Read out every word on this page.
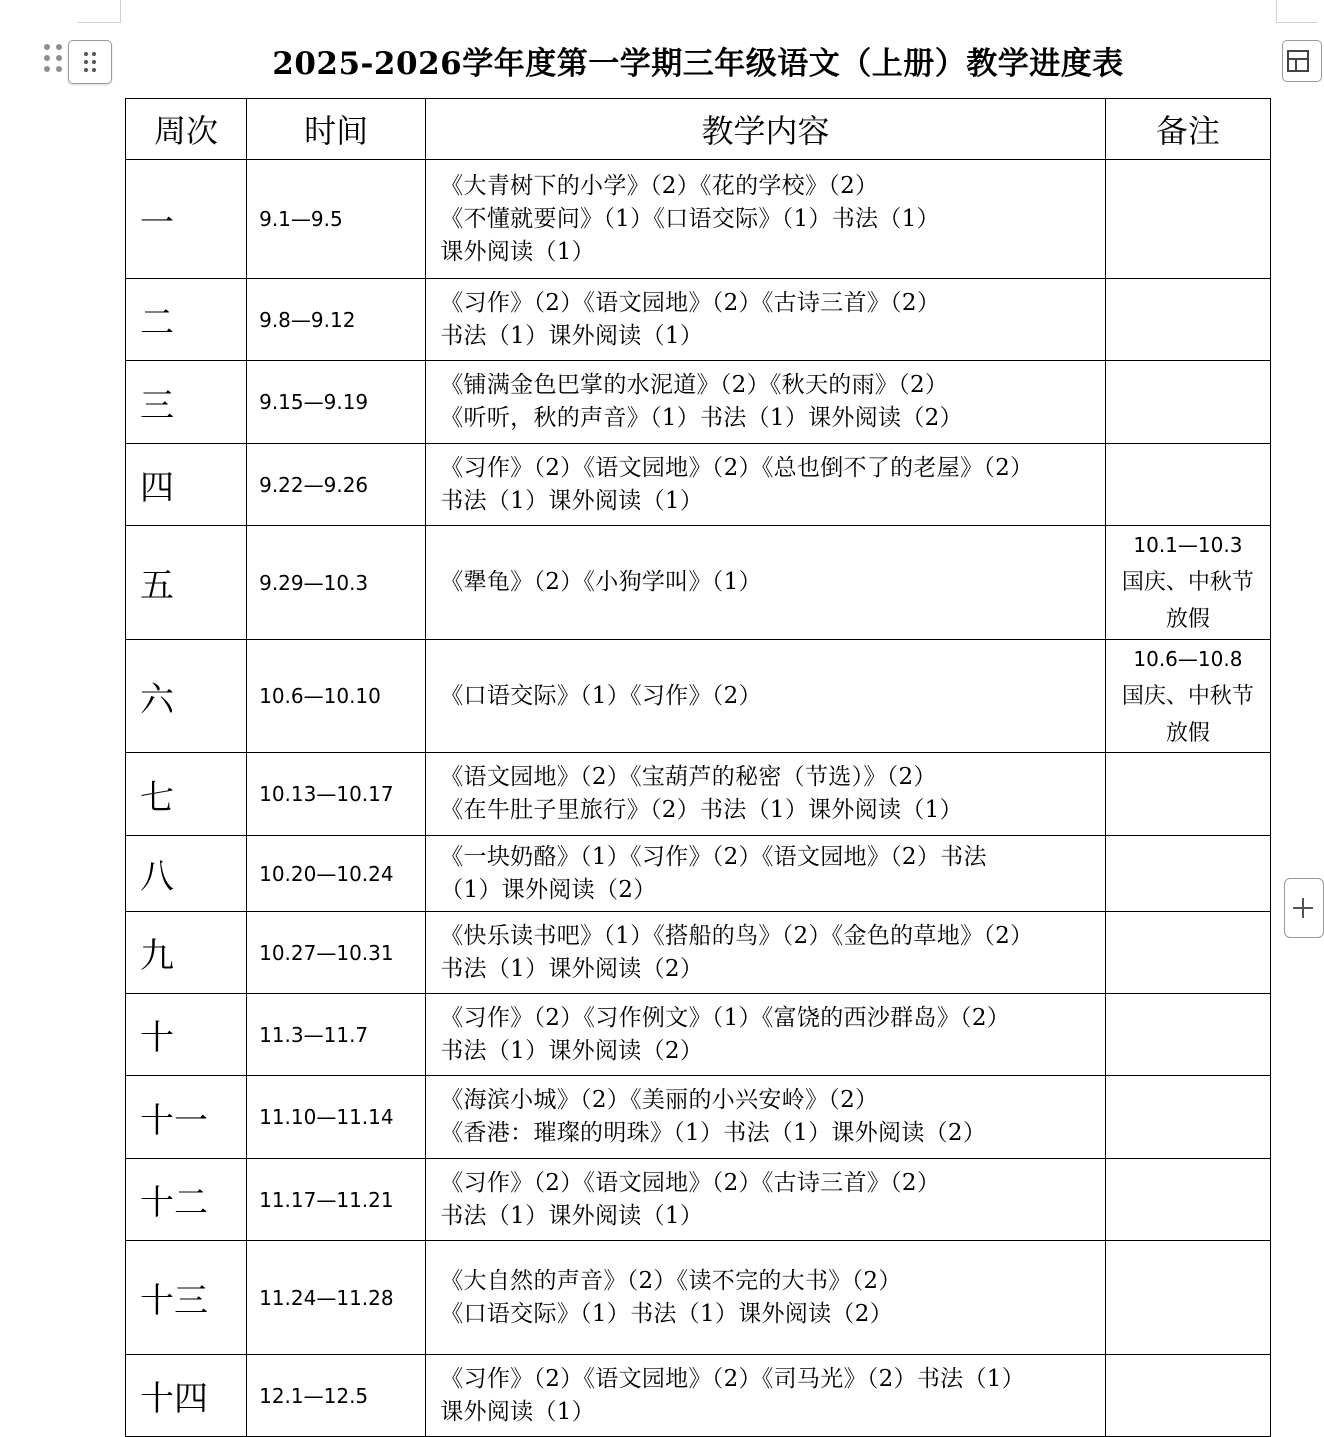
2025-2026学年度第一学期三年级语文（上册）教学进度表
周次	时间	教学内容	备注
一	9.1—9.5	《大青树下的小学》（2）《花的学校》（2）
《不懂就要问》（1）《口语交际》（1）书法（1）
课外阅读（1）	

二	9.8—9.12	《习作》（2）《语文园地》（2）《古诗三首》（2）
书法（1）课外阅读（1）	

三	9.15—9.19	《铺满金色巴掌的水泥道》（2）《秋天的雨》（2）
《听听，秋的声音》（1）书法（1）课外阅读（2）	

四	9.22—9.26	《习作》（2）《语文园地》（2）《总也倒不了的老屋》（2）
书法（1）课外阅读（1）	

五	9.29—10.3	《犟龟》（2）《小狗学叫》（1）	10.1—10.3
国庆、中秋节
放假

六	10.6—10.10	《口语交际》（1）《习作》（2）	10.6—10.8
国庆、中秋节
放假

七	10.13—10.17	《语文园地》（2）《宝葫芦的秘密（节选）》（2）
《在牛肚子里旅行》（2）书法（1）课外阅读（1）	

八	10.20—10.24	《一块奶酪》（1）《习作》（2）《语文园地》（2）书法
（1）课外阅读（2）	

九	10.27—10.31	《快乐读书吧》（1）《搭船的鸟》（2）《金色的草地》（2）
书法（1）课外阅读（2）	

十	11.3—11.7	《习作》（2）《习作例文》（1）《富饶的西沙群岛》（2）
书法（1）课外阅读（2）	

十一	11.10—11.14	《海滨小城》（2）《美丽的小兴安岭》（2）
《香港：璀璨的明珠》（1）书法（1）课外阅读（2）	

十二	11.17—11.21	《习作》（2）《语文园地》（2）《古诗三首》（2）
书法（1）课外阅读（1）	

十三	11.24—11.28	《大自然的声音》（2）《读不完的大书》（2）
《口语交际》（1）书法（1）课外阅读（2）	

十四	12.1—12.5	《习作》（2）《语文园地》（2）《司马光》（2）书法（1）
课外阅读（1）	
